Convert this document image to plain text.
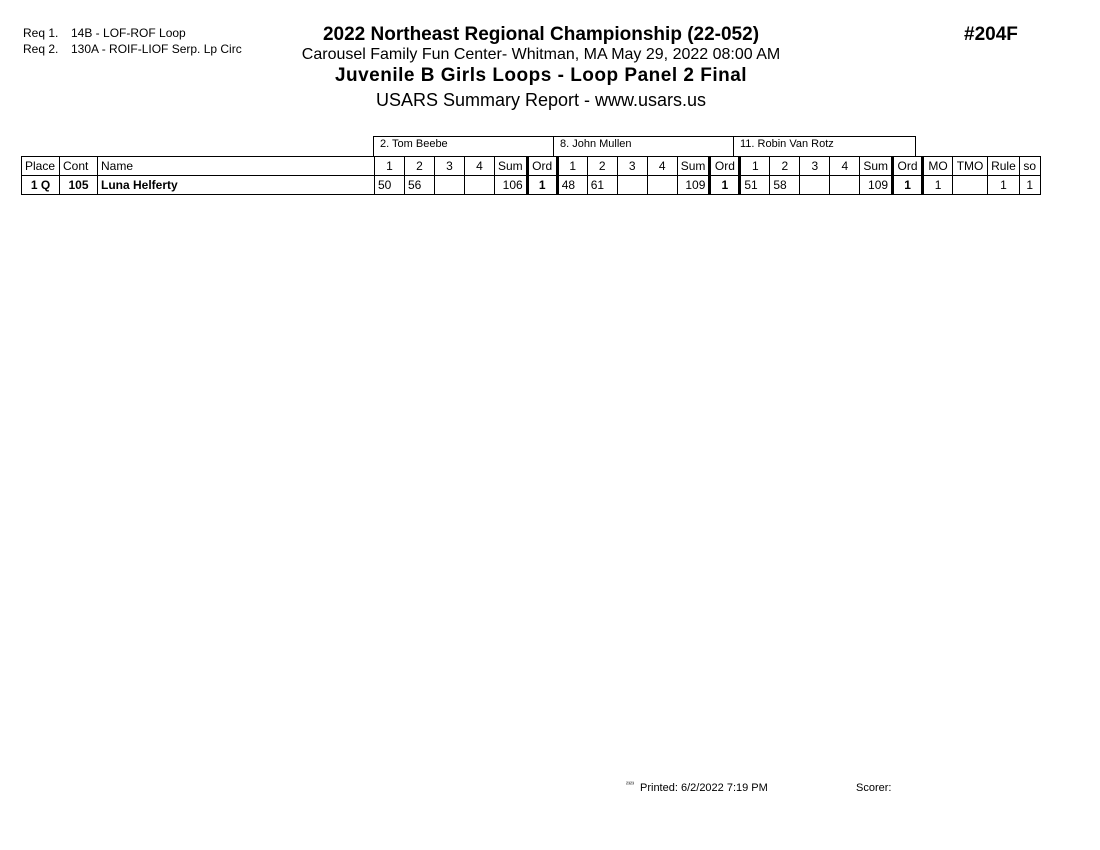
Req 1. 14B - LOF-ROF Loop
Req 2. 130A - ROIF-LIOF Serp. Lp Circ
2022 Northeast Regional Championship (22-052)
Carousel Family Fun Center- Whitman, MA May 29, 2022 08:00 AM
Juvenile B Girls Loops - Loop Panel 2 Final
USARS Summary Report - www.usars.us
#204F
2. Tom Beebe	8. John Mullen	11. Robin Van Rotz
Place	Cont	Name	1	2	3	4	Sum	Ord	1	2	3	4	Sum	Ord	1	2	3	4	Sum	Ord	MO	TMO	Rule	so
1 Q	105	Luna Helferty	50	56			106	1	48	61			109	1	51	58			109	1	1		1	1
$^{^{2323}}$ Printed: 6/2/2022 7:19 PM	Scorer:
